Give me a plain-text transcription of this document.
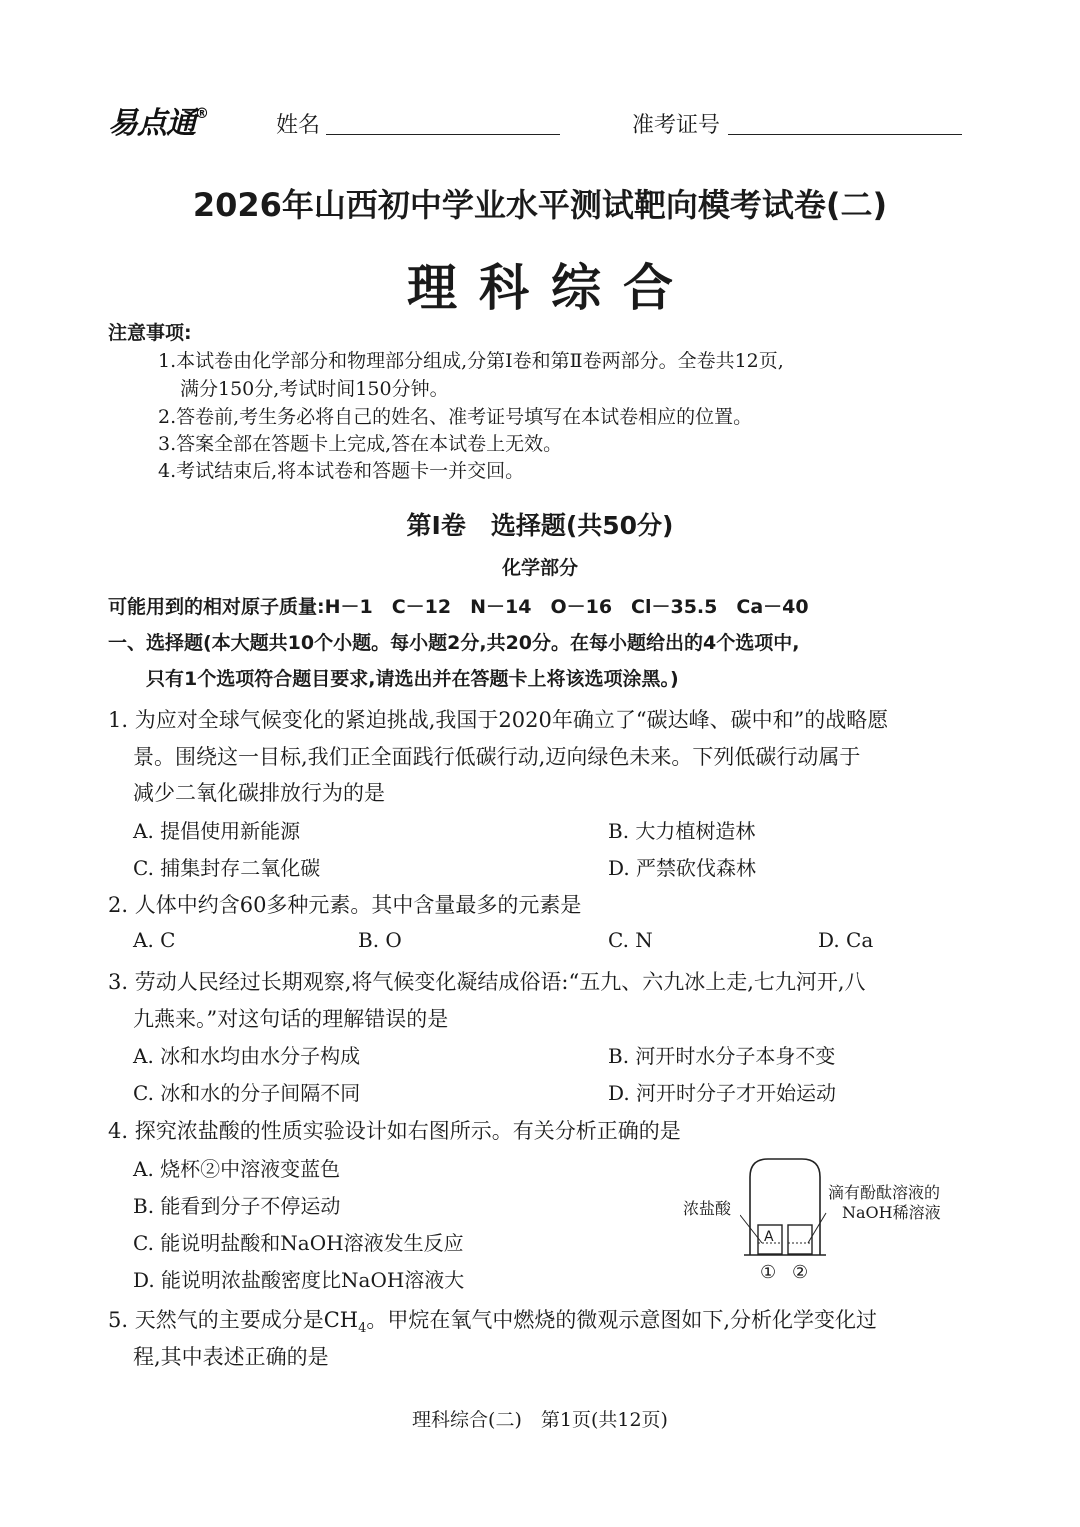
易点通®	姓名	准考证号
2026年山西初中学业水平测试靶向模考试卷(二)
理科综合
注意事项:
1.本试卷由化学部分和物理部分组成,分第Ⅰ卷和第Ⅱ卷两部分。全卷共12页,
满分150分,考试时间150分钟。
2.答卷前,考生务必将自己的姓名、准考证号填写在本试卷相应的位置。
3.答案全部在答题卡上完成,答在本试卷上无效。
4.考试结束后,将本试卷和答题卡一并交回。
第Ⅰ卷　选择题(共50分)
化学部分
可能用到的相对原子质量:H－1　C－12　N－14　O－16　Cl－35.5　Ca－40
一、选择题(本大题共10个小题。每小题2分,共20分。在每小题给出的4个选项中,
只有1个选项符合题目要求,请选出并在答题卡上将该选项涂黑。)
1. 为应对全球气候变化的紧迫挑战,我国于2020年确立了“碳达峰、碳中和”的战略愿
景。围绕这一目标,我们正全面践行低碳行动,迈向绿色未来。下列低碳行动属于
减少二氧化碳排放行为的是
A. 提倡使用新能源	B. 大力植树造林
C. 捕集封存二氧化碳	D. 严禁砍伐森林
2. 人体中约含60多种元素。其中含量最多的元素是
A. C	B. O	C. N	D. Ca
3. 劳动人民经过长期观察,将气候变化凝结成俗语:“五九、六九冰上走,七九河开,八
九燕来。”对这句话的理解错误的是
A. 冰和水均由水分子构成	B. 河开时水分子本身不变
C. 冰和水的分子间隔不同	D. 河开时分子才开始运动
4. 探究浓盐酸的性质实验设计如右图所示。有关分析正确的是
A. 烧杯②中溶液变蓝色
B. 能看到分子不停运动
C. 能说明盐酸和NaOH溶液发生反应
D. 能说明浓盐酸密度比NaOH溶液大
浓盐酸
滴有酚酞溶液的
NaOH稀溶液
A
① ②
5. 天然气的主要成分是$CH_4$。甲烷在氧气中燃烧的微观示意图如下,分析化学变化过
程,其中表述正确的是
理科综合(二)　第1页(共12页)
